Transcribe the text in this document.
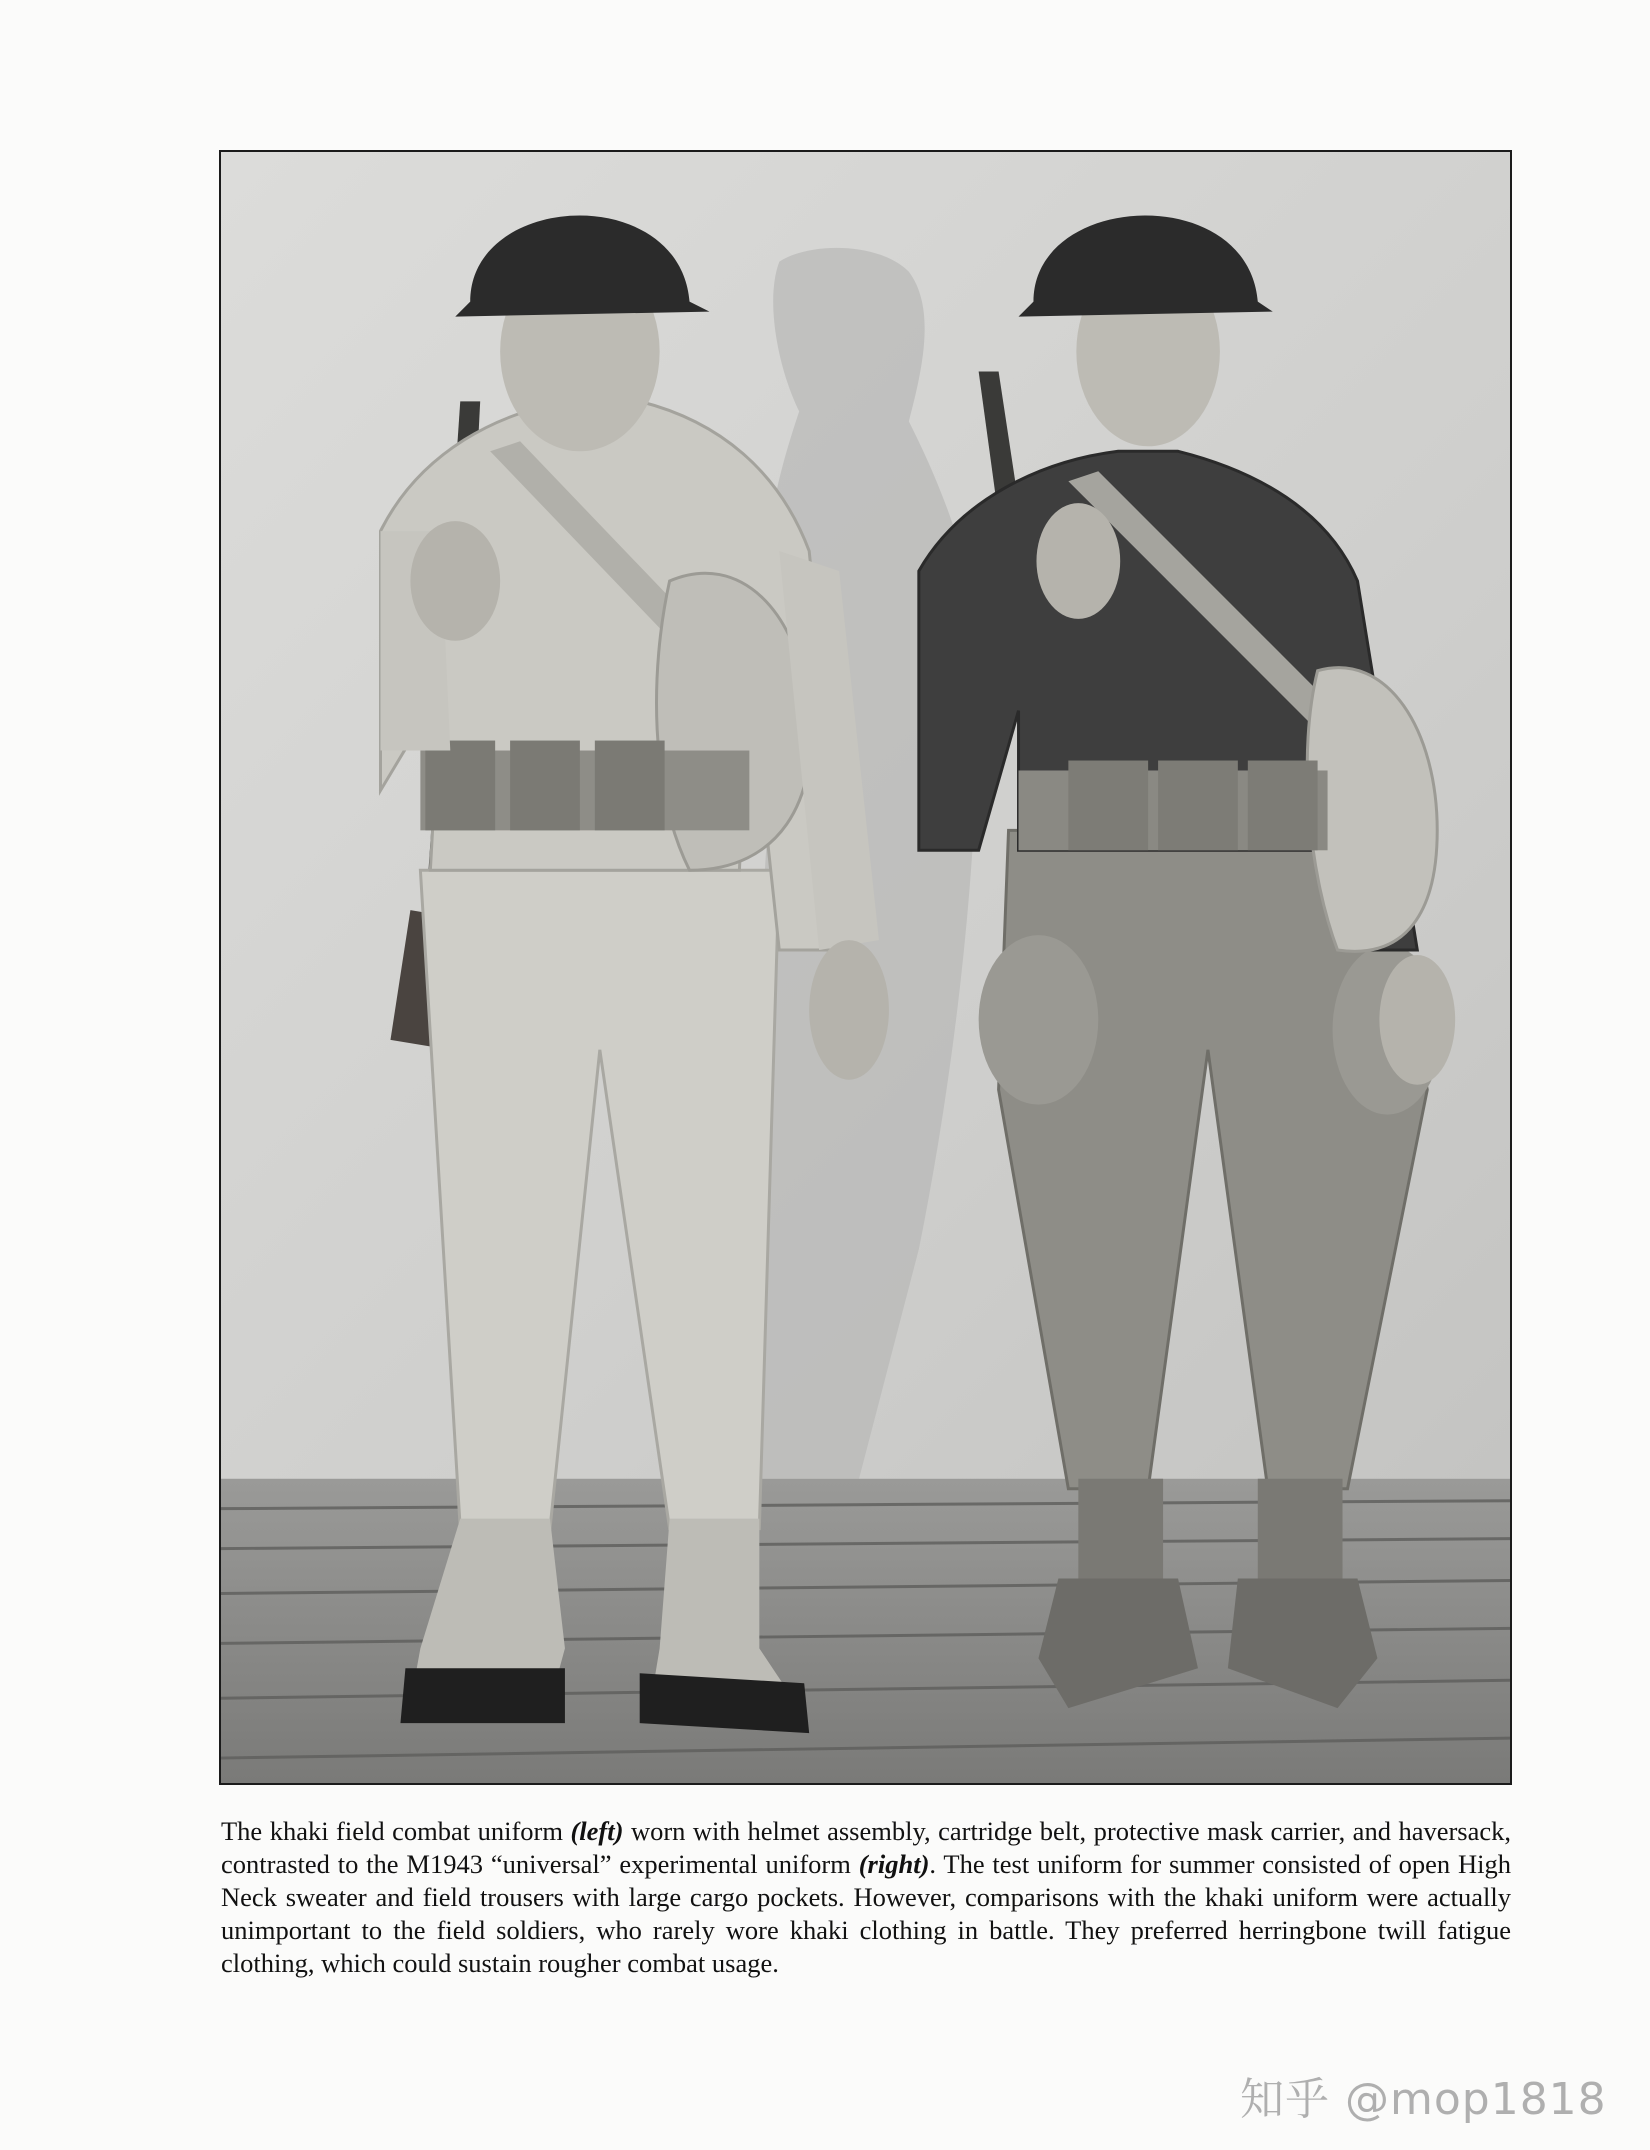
The khaki field combat uniform (left) worn with helmet assembly, cartridge belt, protective mask carrier, and haversack, contrasted to the M1943 “universal” experimental uniform (right). The test uniform for summer consisted of open High Neck sweater and field trousers with large cargo pockets. However, comparisons with the khaki uniform were actually unimportant to the field soldiers, who rarely wore khaki clothing in battle. They preferred herringbone twill fatigue clothing, which could sustain rougher combat usage.

知乎 @mop1818
